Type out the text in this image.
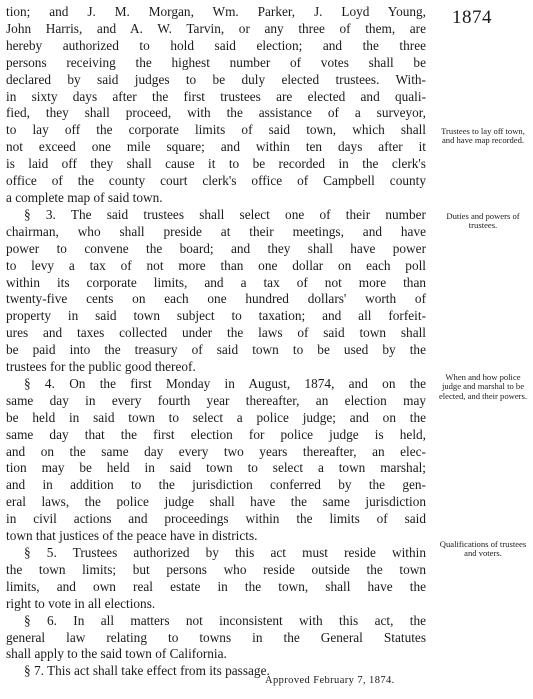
1874
tion; and J. M. Morgan, Wm. Parker, J. Loyd Young,
John Harris, and A. W. Tarvin, or any three of them, are
hereby authorized to hold said election; and the three
persons receiving the highest number of votes shall be
declared by said judges to be duly elected trustees. With-
in sixty days after the first trustees are elected and quali-
fied, they shall proceed, with the assistance of a surveyor,
to lay off the corporate limits of said town, which shall
not exceed one mile square; and within ten days after it
is laid off they shall cause it to be recorded in the clerk's
office of the county court clerk's office of Campbell county
a complete map of said town.
§ 3. The said trustees shall select one of their number
chairman, who shall preside at their meetings, and have
power to convene the board; and they shall have power
to levy a tax of not more than one dollar on each poll
within its corporate limits, and a tax of not more than
twenty-five cents on each one hundred dollars' worth of
property in said town subject to taxation; and all forfeit-
ures and taxes collected under the laws of said town shall
be paid into the treasury of said town to be used by the
trustees for the public good thereof.
§ 4. On the first Monday in August, 1874, and on the
same day in every fourth year thereafter, an election may
be held in said town to select a police judge; and on the
same day that the first election for police judge is held,
and on the same day every two years thereafter, an elec-
tion may be held in said town to select a town marshal;
and in addition to the jurisdiction conferred by the gen-
eral laws, the police judge shall have the same jurisdiction
in civil actions and proceedings within the limits of said
town that justices of the peace have in districts.
§ 5. Trustees authorized by this act must reside within
the town limits; but persons who reside outside the town
limits, and own real estate in the town, shall have the
right to vote in all elections.
§ 6. In all matters not inconsistent with this act, the
general law relating to towns in the General Statutes
shall apply to the said town of California.
§ 7. This act shall take effect from its passage.
Trustees to lay off town, and have map recorded.
Duties and powers of trustees.
When and how police judge and marshal to be elected, and their powers.
Qualifications of trustees and voters.
Approved February 7, 1874.
